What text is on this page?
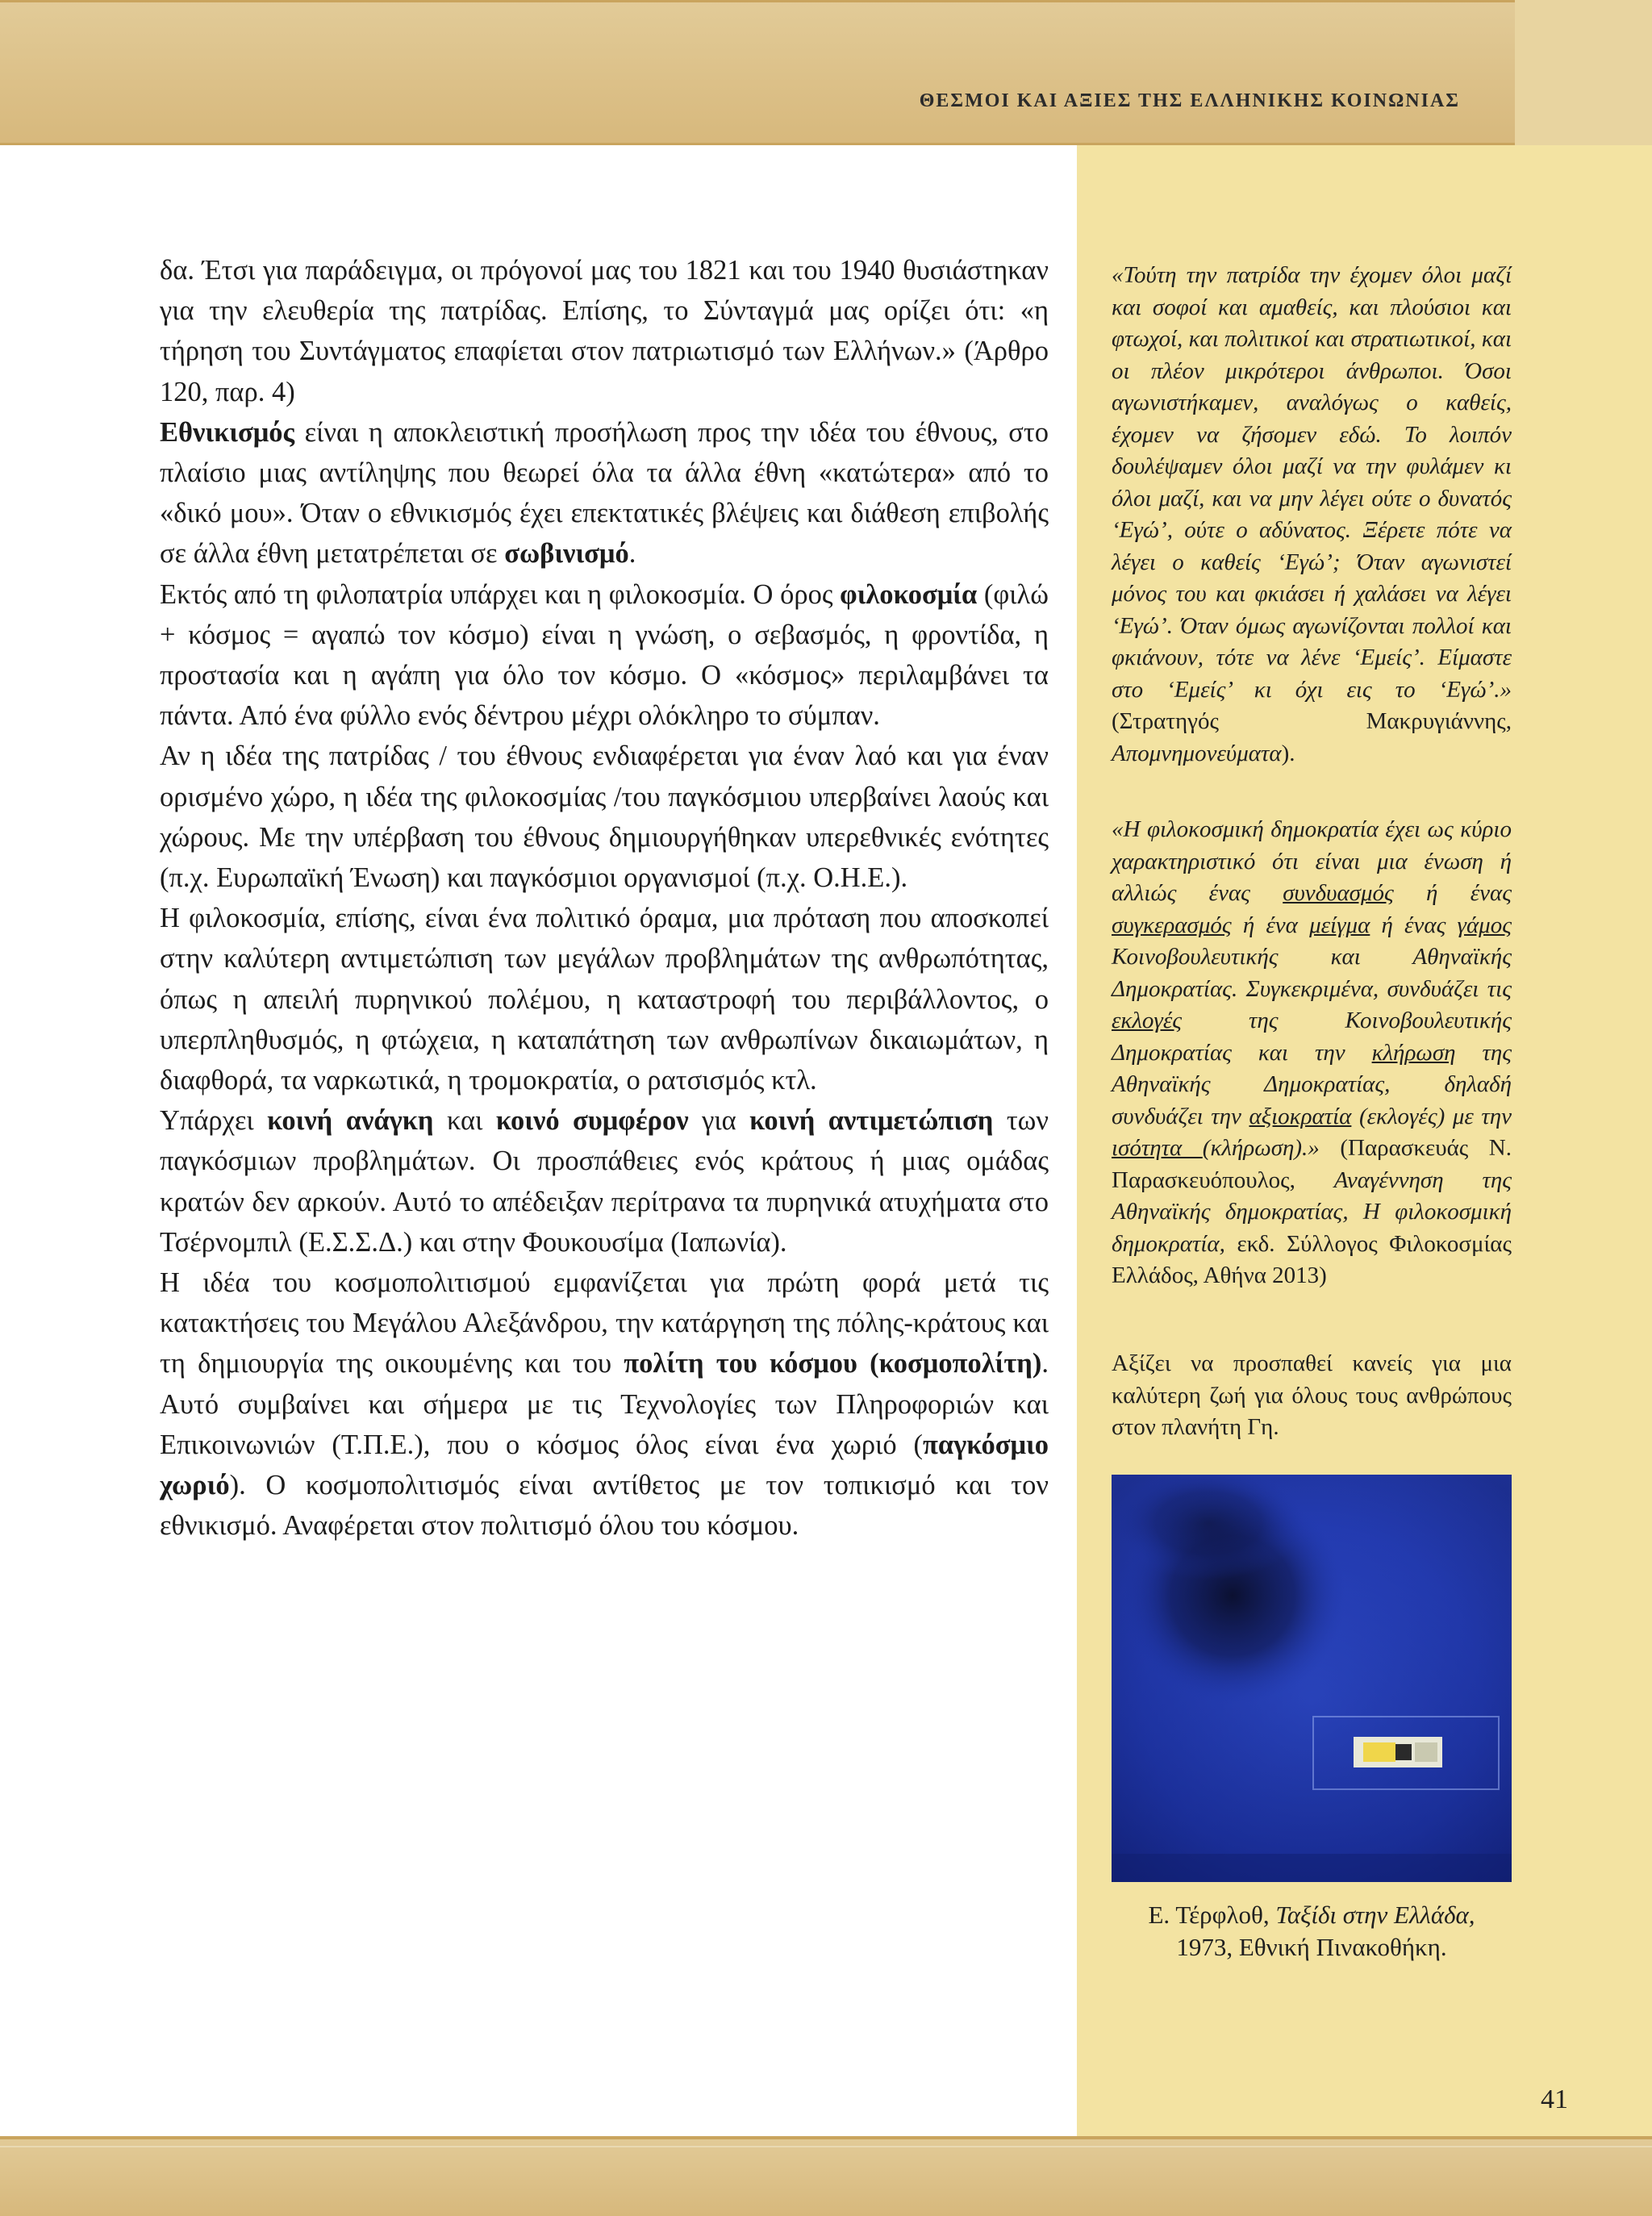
ΘΕΣΜΟΙ ΚΑΙ ΑΞΙΕΣ ΤΗΣ ΕΛΛΗΝΙΚΗΣ ΚΟΙΝΩΝΙΑΣ

δα. Έτσι για παράδειγμα, οι πρόγονοί μας του 1821 και του 1940 θυσιάστηκαν για την ελευθερία της πατρίδας. Επίσης, το Σύνταγμά μας ορίζει ότι: «η τήρηση του Συντάγματος επαφίεται στον πατριωτισμό των Ελλήνων.» (Άρθρο 120, παρ. 4)

Εθνικισμός είναι η αποκλειστική προσήλωση προς την ιδέα του έθνους, στο πλαίσιο μιας αντίληψης που θεωρεί όλα τα άλλα έθνη «κατώτερα» από το «δικό μου». Όταν ο εθνικισμός έχει επεκτατικές βλέψεις και διάθεση επιβολής σε άλλα έθνη μετατρέπεται σε σωβινισμό.

Εκτός από τη φιλοπατρία υπάρχει και η φιλοκοσμία. Ο όρος φιλοκοσμία (φιλώ + κόσμος = αγαπώ τον κόσμο) είναι η γνώση, ο σεβασμός, η φροντίδα, η προστασία και η αγάπη για όλο τον κόσμο. Ο «κόσμος» περιλαμβάνει τα πάντα. Από ένα φύλλο ενός δέντρου μέχρι ολόκληρο το σύμπαν.

Αν η ιδέα της πατρίδας / του έθνους ενδιαφέρεται για έναν λαό και για έναν ορισμένο χώρο, η ιδέα της φιλοκοσμίας /του παγκόσμιου υπερβαίνει λαούς και χώρους. Με την υπέρβαση του έθνους δημιουργήθηκαν υπερεθνικές ενότητες (π.χ. Ευρωπαϊκή Ένωση) και παγκόσμιοι οργανισμοί (π.χ. Ο.Η.Ε.).

Η φιλοκοσμία, επίσης, είναι ένα πολιτικό όραμα, μια πρόταση που αποσκοπεί στην καλύτερη αντιμετώπιση των μεγάλων προβλημάτων της ανθρωπότητας, όπως η απειλή πυρηνικού πολέμου, η καταστροφή του περιβάλλοντος, ο υπερπληθυσμός, η φτώχεια, η καταπάτηση των ανθρωπίνων δικαιωμάτων, η διαφθορά, τα ναρκωτικά, η τρομοκρατία, ο ρατσισμός κτλ.

Υπάρχει κοινή ανάγκη και κοινό συμφέρον για κοινή αντιμετώπιση των παγκόσμιων προβλημάτων. Οι προσπάθειες ενός κράτους ή μιας ομάδας κρατών δεν αρκούν. Αυτό το απέδειξαν περίτρανα τα πυρηνικά ατυχήματα στο Τσέρνομπιλ (Ε.Σ.Σ.Δ.) και στην Φουκουσίμα (Ιαπωνία).

Η ιδέα του κοσμοπολιτισμού εμφανίζεται για πρώτη φορά μετά τις κατακτήσεις του Μεγάλου Αλεξάνδρου, την κατάργηση της πόλης-κράτους και τη δημιουργία της οικουμένης και του πολίτη του κόσμου (κοσμοπολίτη). Αυτό συμβαίνει και σήμερα με τις Τεχνολογίες των Πληροφοριών και Επικοινωνιών (Τ.Π.Ε.), που ο κόσμος όλος είναι ένα χωριό (παγκόσμιο χωριό). Ο κοσμοπολιτισμός είναι αντίθετος με τον τοπικισμό και τον εθνικισμό. Αναφέρεται στον πολιτισμό όλου του κόσμου.

«Τούτη την πατρίδα την έχομεν όλοι μαζί και σοφοί και αμαθείς, και πλούσιοι και φτωχοί, και πολιτικοί και στρατιωτικοί, και οι πλέον μικρότεροι άνθρωποι. Όσοι αγωνιστήκαμεν, αναλόγως ο καθείς, έχομεν να ζήσομεν εδώ. Το λοιπόν δουλέψαμεν όλοι μαζί να την φυλάμεν κι όλοι μαζί, και να μην λέγει ούτε ο δυνατός ‘Εγώ’, ούτε ο αδύνατος. Ξέρετε πότε να λέγει ο καθείς ‘Εγώ’; Όταν αγωνιστεί μόνος του και φκιάσει ή χαλάσει να λέγει ‘Εγώ’. Όταν όμως αγωνίζονται πολλοί και φκιάνουν, τότε να λένε ‘Εμείς’. Είμαστε στο ‘Εμείς’ κι όχι εις το ‘Εγώ’.» (Στρατηγός Μακρυγιάννης, Απομνημονεύματα).
«Η φιλοκοσμική δημοκρατία έχει ως κύριο χαρακτηριστικό ότι είναι μια ένωση ή αλλιώς ένας συνδυασμός ή ένας συγκερασμός ή ένα μείγμα ή ένας γάμος Κοινοβουλευτικής και Αθηναϊκής Δημοκρατίας. Συγκεκριμένα, συνδυάζει τις εκλογές της Κοινοβουλευτικής Δημοκρατίας και την κλήρωση της Αθηναϊκής Δημοκρατίας, δηλαδή συνδυάζει την αξιοκρατία (εκλογές) με την ισότητα (κλήρωση).» (Παρασκευάς Ν. Παρασκευόπουλος, Αναγέννηση της Αθηναϊκής δημοκρατίας, Η φιλοκοσμική δημοκρατία, εκδ. Σύλλογος Φιλοκοσμίας Ελλάδος, Αθήνα 2013)
Αξίζει να προσπαθεί κανείς για μια καλύτερη ζωή για όλους τους ανθρώπους στον πλανήτη Γη.
Ε. Τέρφλοθ, Ταξίδι στην Ελλάδα,
1973, Εθνική Πινακοθήκη.
41
